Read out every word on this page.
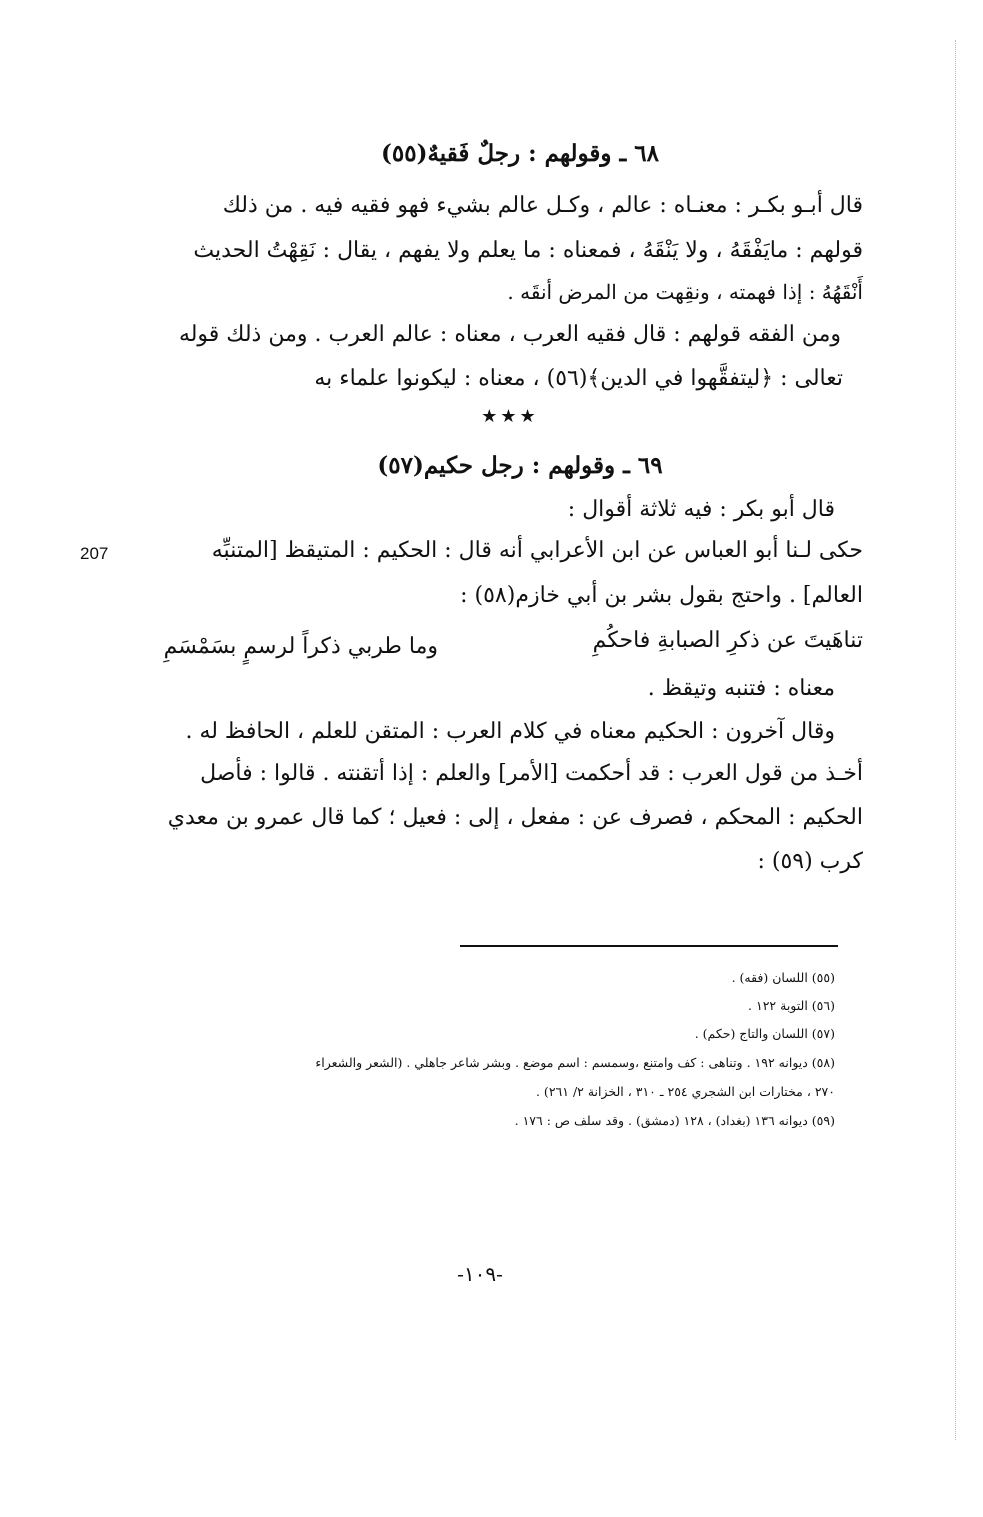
٦٨ ـ وقولهم : رجلٌ فَقيهٌ(٥٥)
قال أبـو بكـر : معنـاه : عالم ، وكـل عالم بشيء فهو فقيه فيه . من ذلك
قولهم : مايَفْقَهُ ، ولا يَنْقَهُ ، فمعناه : ما يعلم ولا يفهم ، يقال : نَقِهْتُ الحديث
أَنْقَهُهُ : إذا فهمته ، ونقِهت من المرض أنقَه .
ومن الفقه قولهم : قال فقيه العرب ، معناه : عالم العرب . ومن ذلك قوله
تعالى : ﴿ليتفقَّهوا في الدين﴾(٥٦) ، معناه : ليكونوا علماء به
★★★
٦٩ ـ وقولهم : رجل حكيم(٥٧)
قال أبو بكر : فيه ثلاثة أقوال :
207	حكى لـنا أبو العباس عن ابن الأعرابي أنه قال : الحكيم : المتيقظ [المتنبِّه
العالم] . واحتج بقول بشر بن أبي خازم(٥٨) :
تناهَيتَ عن ذكرِ الصبابةِ فاحكُمِ
وما طربي ذكراً لرسمٍ بسَمْسَمِ
معناه : فتنبه وتيقظ .
وقال آخرون : الحكيم معناه في كلام العرب : المتقن للعلم ، الحافظ له .
أخـذ من قول العرب : قد أحكمت [الأمر] والعلم : إذا أتقنته . قالوا : فأصل
الحكيم : المحكم ، فصرف عن : مفعل ، إلى : فعيل ؛ كما قال عمرو بن معدي
كرب (٥٩) :
(٥٥) اللسان (فقه) .
(٥٦) التوبة ١٢٢ .
(٥٧) اللسان والتاج (حكم) .
(٥٨) ديوانه ١٩٢ . وتناهى : كف وامتنع ،وسمسم : اسم موضع . وبشر شاعر جاهلي . (الشعر والشعراء
٢٧٠ ، مختارات ابن الشجري ٢٥٤ ـ ٣١٠ ، الخزانة ٢/ ٢٦١) .
(٥٩) ديوانه ١٣٦ (بغداد) ، ١٢٨ (دمشق) . وقد سلف ص : ١٧٦ .
-١٠٩-
